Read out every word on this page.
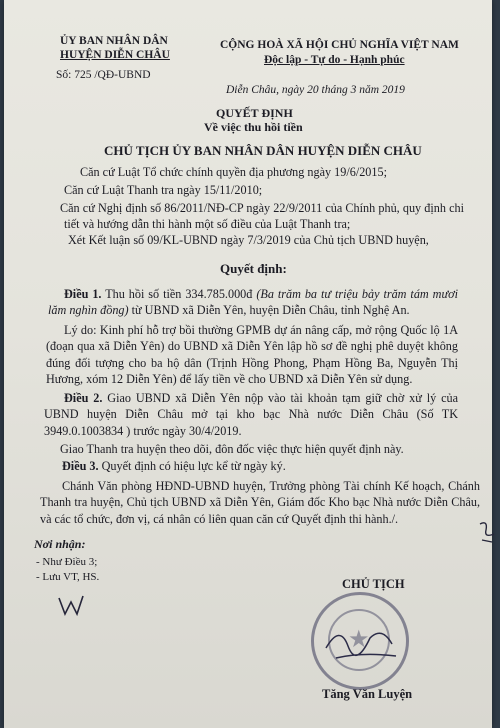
ỦY BAN NHÂN DÂN
HUYỆN DIỄN CHÂU
Số: 725 /QĐ-UBND
CỘNG HOÀ XÃ HỘI CHỦ NGHĨA VIỆT NAM
Độc lập - Tự do - Hạnh phúc
Diễn Châu, ngày 20 tháng 3 năm 2019
QUYẾT ĐỊNH
Về việc thu hồi tiền
CHỦ TỊCH ỦY BAN NHÂN DÂN HUYỆN DIỄN CHÂU
Căn cứ Luật Tổ chức chính quyền địa phương ngày 19/6/2015;
Căn cứ Luật Thanh tra ngày 15/11/2010;
Căn cứ Nghị định số 86/2011/NĐ-CP ngày 22/9/2011 của Chính phủ, quy định chi tiết và hướng dẫn thi hành một số điều của Luật Thanh tra;
Xét Kết luận số 09/KL-UBND ngày 7/3/2019 của Chủ tịch UBND huyện,
Quyết định:
Điều 1. Thu hồi số tiền 334.785.000đ (Ba trăm ba tư triệu bảy trăm tám mươi lăm nghìn đồng) từ UBND xã Diễn Yên, huyện Diễn Châu, tỉnh Nghệ An.
Lý do: Kinh phí hỗ trợ bồi thường GPMB dự án nâng cấp, mở rộng Quốc lộ 1A (đoạn qua xã Diễn Yên) do UBND xã Diễn Yên lập hồ sơ đề nghị phê duyệt không đúng đối tượng cho ba hộ dân (Trịnh Hồng Phong, Phạm Hồng Ba, Nguyễn Thị Hương, xóm 12 Diễn Yên) để lấy tiền về cho UBND xã Diễn Yên sử dụng.
Điều 2. Giao UBND xã Diễn Yên nộp vào tài khoản tạm giữ chờ xử lý của UBND huyện Diễn Châu mở tại kho bạc Nhà nước Diễn Châu (Số TK 3949.0.1003834 ) trước ngày 30/4/2019.
Giao Thanh tra huyện theo dõi, đôn đốc việc thực hiện quyết định này.
Điều 3. Quyết định có hiệu lực kể từ ngày ký.
Chánh Văn phòng HĐND-UBND huyện, Trưởng phòng Tài chính Kế hoạch, Chánh Thanh tra huyện, Chủ tịch UBND xã Diễn Yên, Giám đốc Kho bạc Nhà nước Diễn Châu, và các tổ chức, đơn vị, cá nhân có liên quan căn cứ Quyết định thi hành./.
Nơi nhận:
- Như Điều 3;
- Lưu VT, HS.
★
CHỦ TỊCH
Tăng Văn Luyện
